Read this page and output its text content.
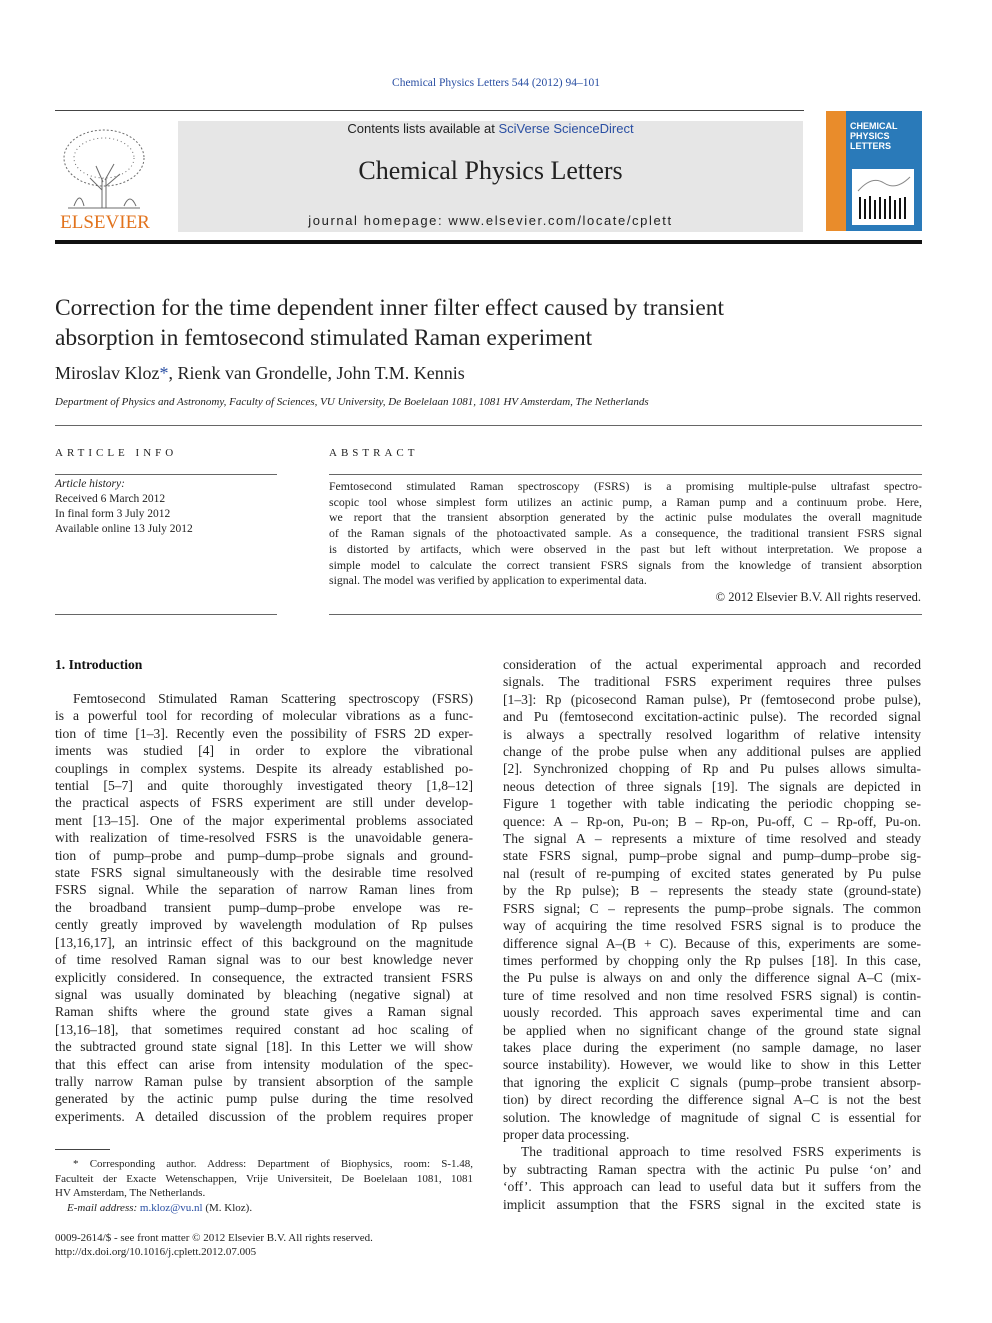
Chemical Physics Letters 544 (2012) 94–101
ELSEVIER
Contents lists available at SciVerse ScienceDirect
Chemical Physics Letters
journal homepage: www.elsevier.com/locate/cplett
CHEMICAL
PHYSICS
LETTERS
Correction for the time dependent inner filter effect caused by transient
absorption in femtosecond stimulated Raman experiment
Miroslav Kloz*, Rienk van Grondelle, John T.M. Kennis
Department of Physics and Astronomy, Faculty of Sciences, VU University, De Boelelaan 1081, 1081 HV Amsterdam, The Netherlands
ARTICLE INFO
Article history:
Received 6 March 2012
In final form 3 July 2012
Available online 13 July 2012
ABSTRACT
Femtosecond stimulated Raman spectroscopy (FSRS) is a promising multiple-pulse ultrafast spectro-
scopic tool whose simplest form utilizes an actinic pump, a Raman pump and a continuum probe. Here,
we report that the transient absorption generated by the actinic pulse modulates the overall magnitude
of the Raman signals of the photoactivated sample. As a consequence, the traditional transient FSRS signal
is distorted by artifacts, which were observed in the past but left without interpretation. We propose a
simple model to calculate the correct transient FSRS signals from the knowledge of transient absorption
signal. The model was verified by application to experimental data.
© 2012 Elsevier B.V. All rights reserved.
1. Introduction
Femtosecond Stimulated Raman Scattering spectroscopy (FSRS)
is a powerful tool for recording of molecular vibrations as a func-
tion of time [1–3]. Recently even the possibility of FSRS 2D exper-
iments was studied [4] in order to explore the vibrational
couplings in complex systems. Despite its already established po-
tential [5–7] and quite thoroughly investigated theory [1,8–12]
the practical aspects of FSRS experiment are still under develop-
ment [13–15]. One of the major experimental problems associated
with realization of time-resolved FSRS is the unavoidable genera-
tion of pump–probe and pump–dump–probe signals and ground-
state FSRS signal simultaneously with the desirable time resolved
FSRS signal. While the separation of narrow Raman lines from
the broadband transient pump–dump–probe envelope was re-
cently greatly improved by wavelength modulation of Rp pulses
[13,16,17], an intrinsic effect of this background on the magnitude
of time resolved Raman signal was to our best knowledge never
explicitly considered. In consequence, the extracted transient FSRS
signal was usually dominated by bleaching (negative signal) at
Raman shifts where the ground state gives a Raman signal
[13,16–18], that sometimes required constant ad hoc scaling of
the subtracted ground state signal [18]. In this Letter we will show
that this effect can arise from intensity modulation of the spec-
trally narrow Raman pulse by transient absorption of the sample
generated by the actinic pump pulse during the time resolved
experiments. A detailed discussion of the problem requires proper
* Corresponding author. Address: Department of Biophysics, room: S-1.48,
Faculteit der Exacte Wetenschappen, Vrije Universiteit, De Boelelaan 1081, 1081
HV Amsterdam, The Netherlands.
E-mail address: m.kloz@vu.nl (M. Kloz).
0009-2614/$ - see front matter © 2012 Elsevier B.V. All rights reserved.
http://dx.doi.org/10.1016/j.cplett.2012.07.005
consideration of the actual experimental approach and recorded
signals. The traditional FSRS experiment requires three pulses
[1–3]: Rp (picosecond Raman pulse), Pr (femtosecond probe pulse),
and Pu (femtosecond excitation-actinic pulse). The recorded signal
is always a spectrally resolved logarithm of relative intensity
change of the probe pulse when any additional pulses are applied
[2]. Synchronized chopping of Rp and Pu pulses allows simulta-
neous detection of three signals [19]. The signals are depicted in
Figure 1 together with table indicating the periodic chopping se-
quence: A – Rp-on, Pu-on; B – Rp-on, Pu-off, C – Rp-off, Pu-on.
The signal A – represents a mixture of time resolved and steady
state FSRS signal, pump–probe signal and pump–dump–probe sig-
nal (result of re-pumping of excited states generated by Pu pulse
by the Rp pulse); B – represents the steady state (ground-state)
FSRS signal; C – represents the pump–probe signals. The common
way of acquiring the time resolved FSRS signal is to produce the
difference signal A–(B + C). Because of this, experiments are some-
times performed by chopping only the Rp pulses [18]. In this case,
the Pu pulse is always on and only the difference signal A–C (mix-
ture of time resolved and non time resolved FSRS signal) is contin-
uously recorded. This approach saves experimental time and can
be applied when no significant change of the ground state signal
takes place during the experiment (no sample damage, no laser
source instability). However, we would like to show in this Letter
that ignoring the explicit C signals (pump–probe transient absorp-
tion) by direct recording the difference signal A–C is not the best
solution. The knowledge of magnitude of signal C is essential for
proper data processing.
The traditional approach to time resolved FSRS experiments is
by subtracting Raman spectra with the actinic Pu pulse ‘on’ and
‘off’. This approach can lead to useful data but it suffers from the
implicit assumption that the FSRS signal in the excited state is
